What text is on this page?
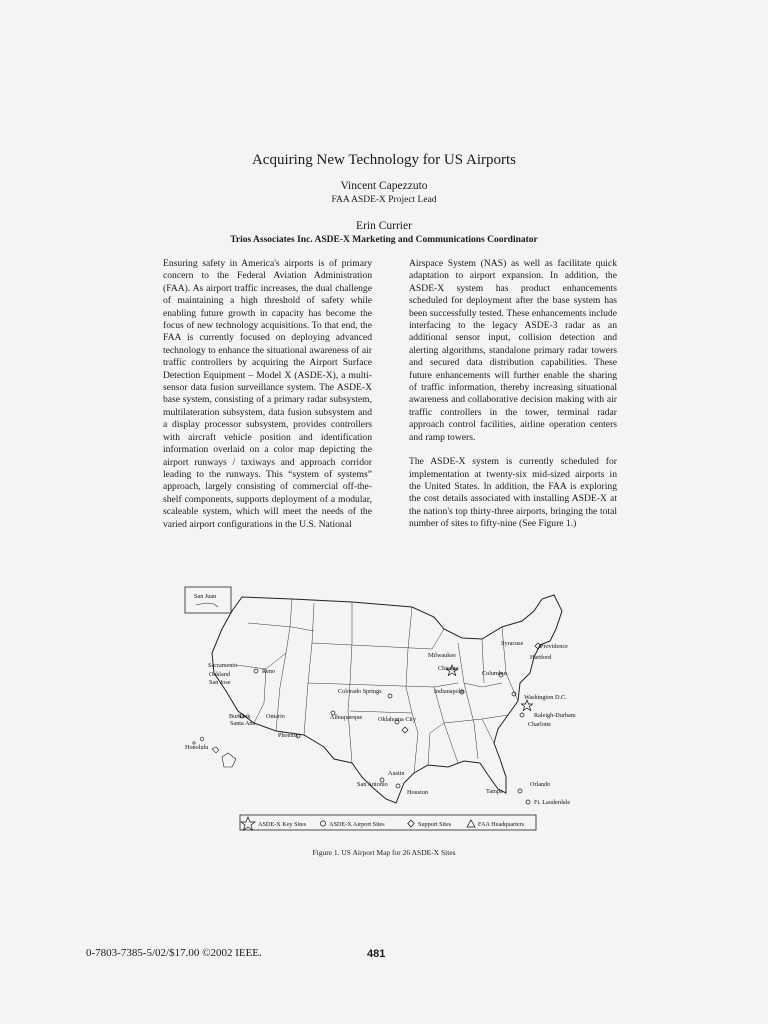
Acquiring New Technology for US Airports
Vincent Capezzuto
FAA ASDE-X Project Lead
Erin Currier
Trios Associates Inc. ASDE-X Marketing and Communications Coordinator

Ensuring safety in America's airports is of primary concern to the Federal Aviation Administration (FAA). As airport traffic increases, the dual challenge of maintaining a high threshold of safety while enabling future growth in capacity has become the focus of new technology acquisitions. To that end, the FAA is currently focused on deploying advanced technology to enhance the situational awareness of air traffic controllers by acquiring the Airport Surface Detection Equipment – Model X (ASDE-X), a multi-sensor data fusion surveillance system. The ASDE-X base system, consisting of a primary radar subsystem, multilateration subsystem, data fusion subsystem and a display processor subsystem, provides controllers with aircraft vehicle position and identification information overlaid on a color map depicting the airport runways / taxiways and approach corridor leading to the runways. This “system of systems” approach, largely consisting of commercial off-the-shelf components, supports deployment of a modular, scaleable system, which will meet the needs of the varied airport configurations in the U.S. National

Airspace System (NAS) as well as facilitate quick adaptation to airport expansion. In addition, the ASDE-X system has product enhancements scheduled for deployment after the base system has been successfully tested. These enhancements include interfacing to the legacy ASDE-3 radar as an additional sensor input, collision detection and alerting algorithms, standalone primary radar towers and secured data distribution capabilities. These future enhancements will further enable the sharing of traffic information, thereby increasing situational awareness and collaborative decision making with air traffic controllers in the tower, terminal radar approach control facilities, airline operation centers and ramp towers.

The ASDE-X system is currently scheduled for implementation at twenty-six mid-sized airports in the United States. In addition, the FAA is exploring the cost details associated with installing ASDE-X at the nation's top thirty-three airports, bringing the total number of sites to fifty-nine (See Figure 1.)

San Juan
Sacramento
Oakland
San Jose
Reno
Burbank	Ontario
Santa Ana
Phoenix
Honolulu
Albuquerque
Colorado Springs
Oklahoma City
Austin
San Antonio
Houston
Milwaukee
Chicago
Indianapolis
Columbus
Syracuse	Providence
Hartford
Washington D.C.
Raleigh-Durham
Charlotte
Orlando
Tampa
Ft. Lauderdale
ASDE-X Key Sites	ASDE-X Airport Sites	Support Sites	FAA Headquarters
Figure 1. US Airport Map for 26 ASDE-X Sites
0-7803-7385-5/02/$17.00 ©2002 IEEE.	481
